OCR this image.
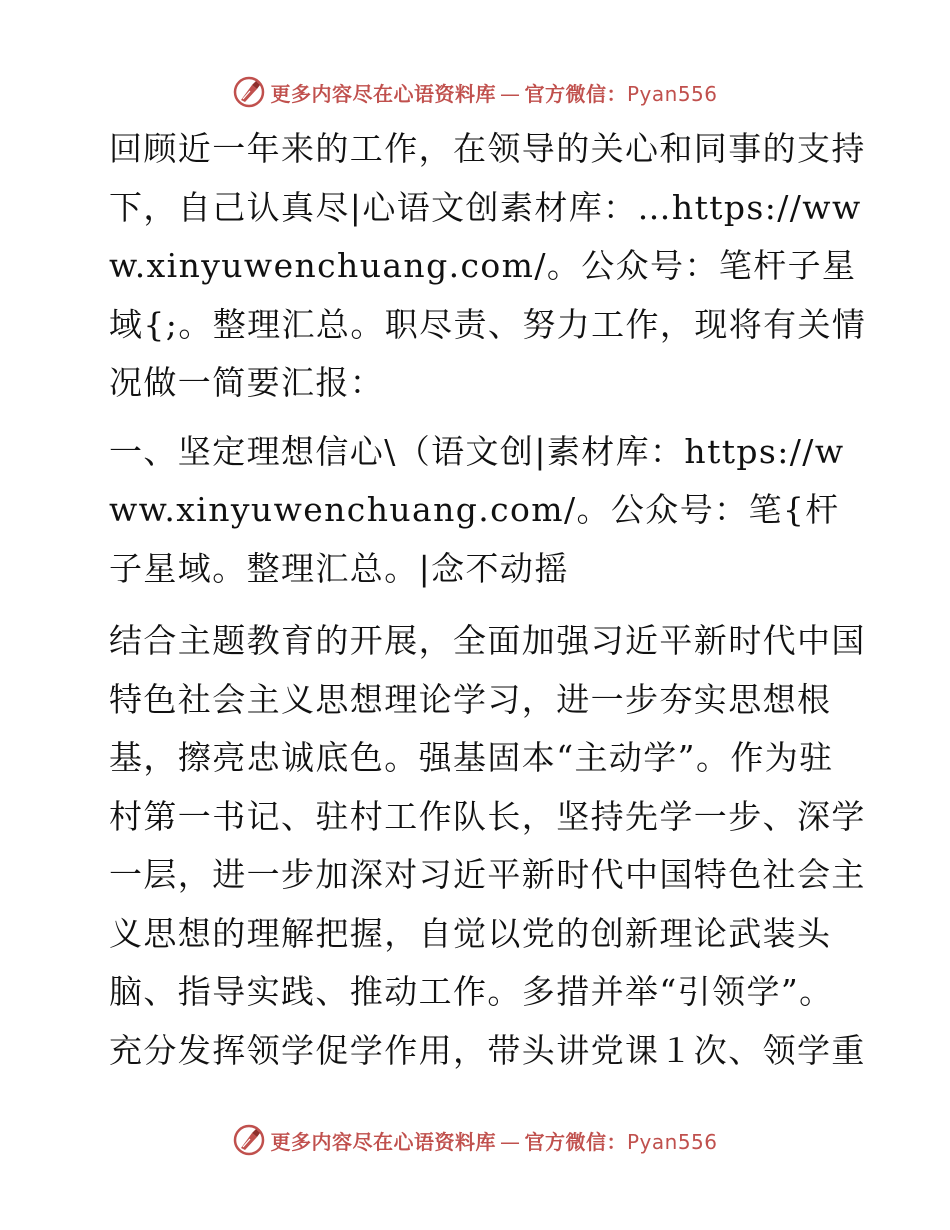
更多内容尽在心语资料库 — 官方微信：Pyan556

回顾近一年来的工作，在领导的关心和同事的支持下，自己认真尽|心语文创素材库：…https://www.xinyuwenchuang.com/。公众号：笔杆子星域{;。整理汇总。职尽责、努力工作，现将有关情况做一简要汇报：

一、坚定理想信心\（语文创|素材库：https://www.xinyuwenchuang.com/。公众号：笔{杆子星域。整理汇总。|念不动摇

结合主题教育的开展，全面加强习近平新时代中国特色社会主义思想理论学习，进一步夯实思想根基，擦亮忠诚底色。强基固本“主动学”。作为驻村第一书记、驻村工作队长，坚持先学一步、深学一层，进一步加深对习近平新时代中国特色社会主义思想的理解把握，自觉以党的创新理论武装头脑、指导实践、推动工作。多措并举“引领学”。充分发挥领学促学作用，带头讲党课１次、领学重

更多内容尽在心语资料库 — 官方微信：Pyan556
